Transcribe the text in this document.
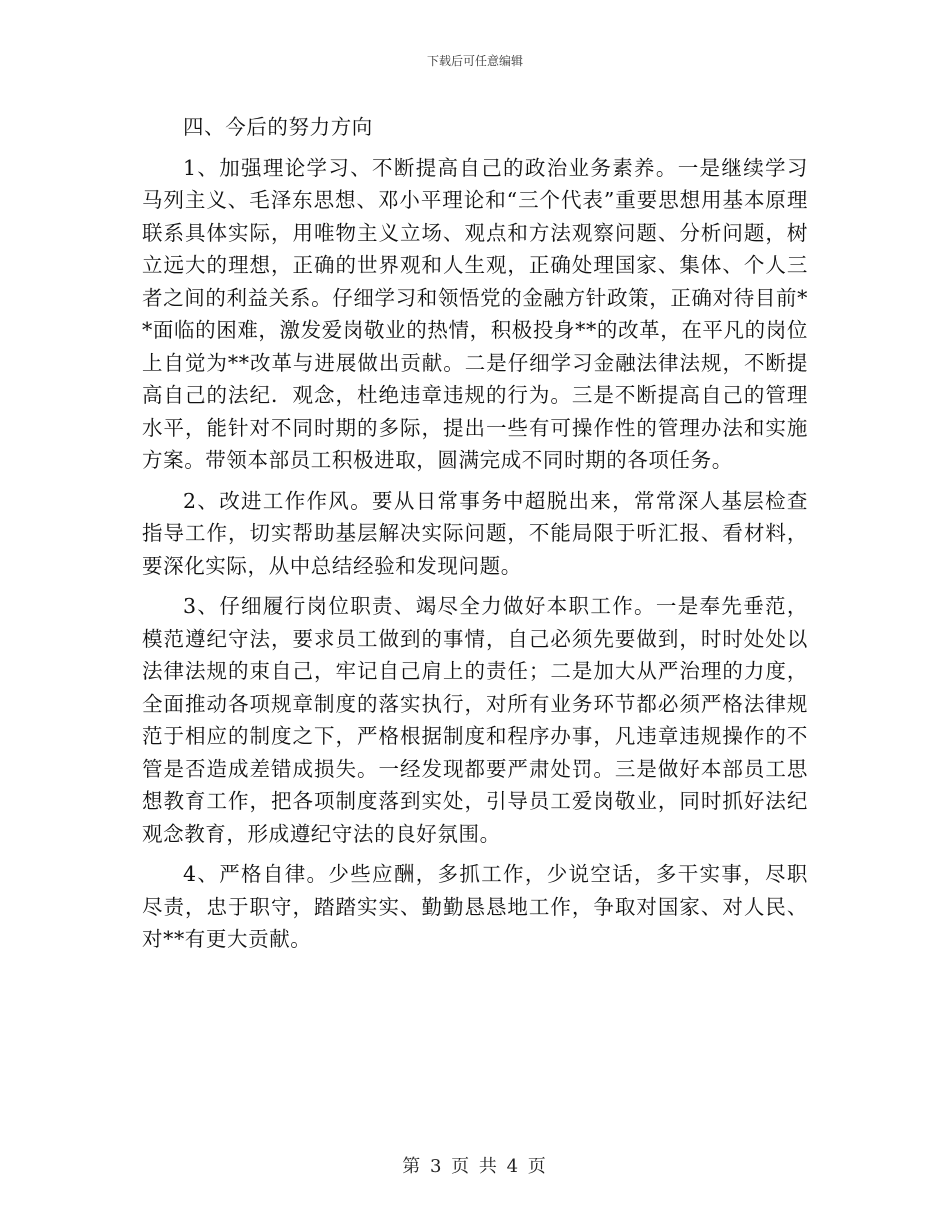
下载后可任意编辑

四、今后的努力方向

1、加强理论学习、不断提高自己的政治业务素养。一是继续学习马列主义、毛泽东思想、邓小平理论和“三个代表”重要思想用基本原理联系具体实际，用唯物主义立场、观点和方法观察问题、分析问题，树立远大的理想，正确的世界观和人生观，正确处理国家、集体、个人三者之间的利益关系。仔细学习和领悟党的金融方针政策，正确对待目前**面临的困难，激发爱岗敬业的热情，积极投身**的改革，在平凡的岗位上自觉为**改革与进展做出贡献。二是仔细学习金融法律法规，不断提高自己的法纪．观念，杜绝违章违规的行为。三是不断提高自己的管理水平，能针对不同时期的多际，提出一些有可操作性的管理办法和实施方案。带领本部员工积极进取，圆满完成不同时期的各项任务。

2、改进工作作风。要从日常事务中超脱出来，常常深人基层检查指导工作，切实帮助基层解决实际问题，不能局限于听汇报、看材料，要深化实际，从中总结经验和发现问题。

3、仔细履行岗位职责、竭尽全力做好本职工作。一是奉先垂范，模范遵纪守法，要求员工做到的事情，自己必须先要做到，时时处处以法律法规的束自己，牢记自己肩上的责任；二是加大从严治理的力度，全面推动各项规章制度的落实执行，对所有业务环节都必须严格法律规范于相应的制度之下，严格根据制度和程序办事，凡违章违规操作的不管是否造成差错成损失。一经发现都要严肃处罚。三是做好本部员工思想教育工作，把各项制度落到实处，引导员工爱岗敬业，同时抓好法纪观念教育，形成遵纪守法的良好氛围。

4、严格自律。少些应酬，多抓工作，少说空话，多干实事，尽职尽责，忠于职守，踏踏实实、勤勤恳恳地工作，争取对国家、对人民、对**有更大贡献。

第 3 页 共 4 页
